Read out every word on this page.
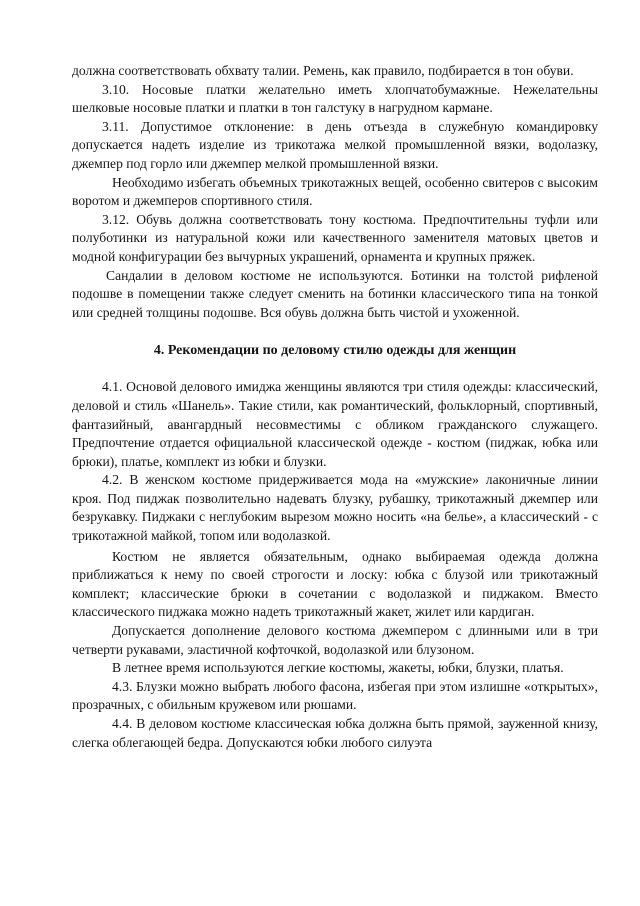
должна соответствовать обхвату талии. Ремень, как правило, подбирается в тон обуви.

3.10. Носовые платки желательно иметь хлопчатобумажные. Нежелательны шелковые носовые платки и платки в тон галстуку в нагрудном кармане.

3.11. Допустимое отклонение: в день отъезда в служебную командировку допускается надеть изделие из трикотажа мелкой промышленной вязки, водолазку, джемпер под горло или джемпер мелкой промышленной вязки.

Необходимо избегать объемных трикотажных вещей, особенно свитеров с высоким воротом и джемперов спортивного стиля.

3.12. Обувь должна соответствовать тону костюма. Предпочтительны туфли или полуботинки из натуральной кожи или качественного заменителя матовых цветов и модной конфигурации без вычурных украшений, орнамента и крупных пряжек.

Сандалии в деловом костюме не используются. Ботинки на толстой рифленой подошве в помещении также следует сменить на ботинки классического типа на тонкой или средней толщины подошве. Вся обувь должна быть чистой и ухоженной.

4. Рекомендации по деловому стилю одежды для женщин

4.1. Основой делового имиджа женщины являются три стиля одежды: классический, деловой и стиль «Шанель». Такие стили, как романтический, фольклорный, спортивный, фантазийный, авангардный несовместимы с обликом гражданского служащего. Предпочтение отдается официальной классической одежде - костюм (пиджак, юбка или брюки), платье, комплект из юбки и блузки.

4.2. В женском костюме придерживается мода на «мужские» лаконичные линии кроя. Под пиджак позволительно надевать блузку, рубашку, трикотажный джемпер или безрукавку. Пиджаки с неглубоким вырезом можно носить «на белье», а классический - с трикотажной майкой, топом или водолазкой.

Костюм не является обязательным, однако выбираемая одежда должна приближаться к нему по своей строгости и лоску: юбка с блузой или трикотажный комплект; классические брюки в сочетании с водолазкой и пиджаком. Вместо классического пиджака можно надеть трикотажный жакет, жилет или кардиган.

Допускается дополнение делового костюма джемпером с длинными или в три четверти рукавами, эластичной кофточкой, водолазкой или блузоном.

В летнее время используются легкие костюмы, жакеты, юбки, блузки, платья.

4.3. Блузки можно выбрать любого фасона, избегая при этом излишне «открытых», прозрачных, с обильным кружевом или рюшами.

4.4. В деловом костюме классическая юбка должна быть прямой, зауженной книзу, слегка облегающей бедра. Допускаются юбки любого силуэта
